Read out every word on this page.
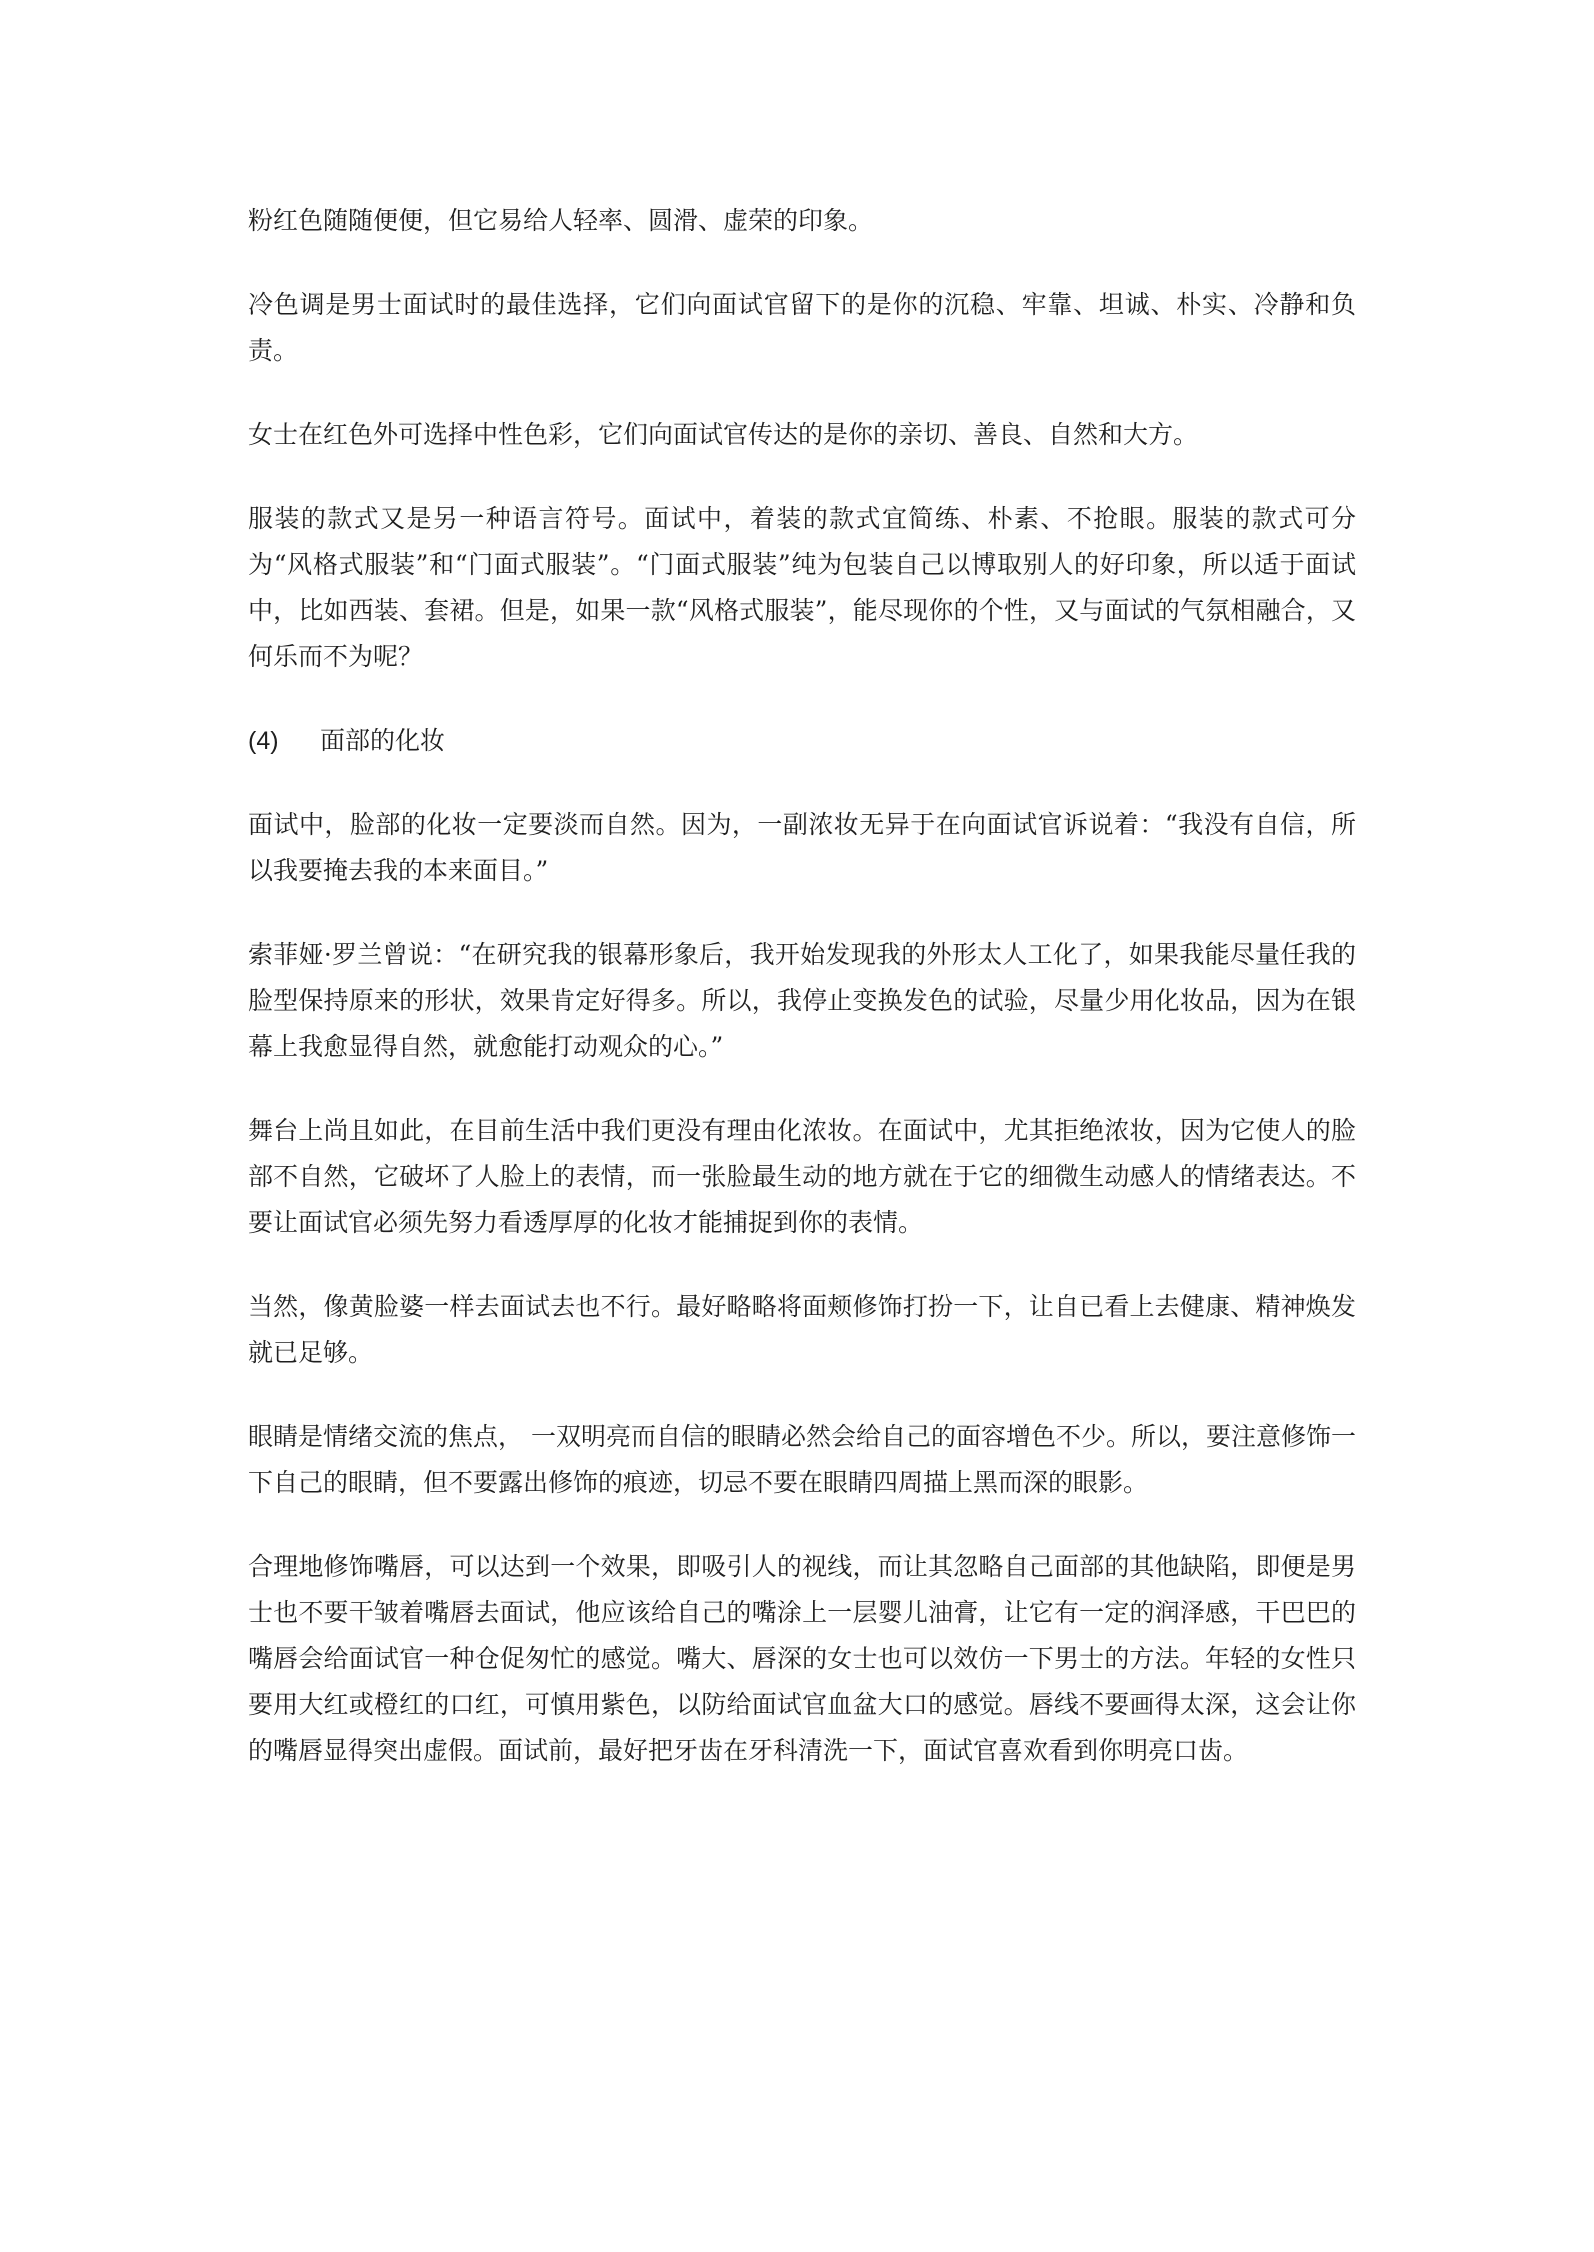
粉红色随随便便，但它易给人轻率、圆滑、虚荣的印象。

冷色调是男士面试时的最佳选择，它们向面试官留下的是你的沉稳、牢靠、坦诚、朴实、冷静和负责。

女士在红色外可选择中性色彩，它们向面试官传达的是你的亲切、善良、自然和大方。

服装的款式又是另一种语言符号。面试中，着装的款式宜简练、朴素、不抢眼。服装的款式可分为“风格式服装”和“门面式服装”。“门面式服装”纯为包装自己以博取别人的好印象，所以适于面试中，比如西装、套裙。但是，如果一款“风格式服装”，能尽现你的个性，又与面试的气氛相融合，又何乐而不为呢？

(4) 面部的化妆

面试中，脸部的化妆一定要淡而自然。因为，一副浓妆无异于在向面试官诉说着：“我没有自信，所以我要掩去我的本来面目。”

索菲娅·罗兰曾说：“在研究我的银幕形象后，我开始发现我的外形太人工化了，如果我能尽量任我的脸型保持原来的形状，效果肯定好得多。所以，我停止变换发色的试验，尽量少用化妆品，因为在银幕上我愈显得自然，就愈能打动观众的心。”

舞台上尚且如此，在目前生活中我们更没有理由化浓妆。在面试中，尤其拒绝浓妆，因为它使人的脸部不自然，它破坏了人脸上的表情，而一张脸最生动的地方就在于它的细微生动感人的情绪表达。不要让面试官必须先努力看透厚厚的化妆才能捕捉到你的表情。

当然，像黄脸婆一样去面试去也不行。最好略略将面颊修饰打扮一下，让自已看上去健康、精神焕发就已足够。

眼睛是情绪交流的焦点， 一双明亮而自信的眼睛必然会给自己的面容增色不少。所以，要注意修饰一下自己的眼睛，但不要露出修饰的痕迹，切忌不要在眼睛四周描上黑而深的眼影。

合理地修饰嘴唇，可以达到一个效果，即吸引人的视线，而让其忽略自己面部的其他缺陷，即便是男士也不要干皱着嘴唇去面试，他应该给自己的嘴涂上一层婴儿油膏，让它有一定的润泽感，干巴巴的嘴唇会给面试官一种仓促匆忙的感觉。嘴大、唇深的女士也可以效仿一下男士的方法。年轻的女性只要用大红或橙红的口红，可慎用紫色，以防给面试官血盆大口的感觉。唇线不要画得太深，这会让你的嘴唇显得突出虚假。面试前，最好把牙齿在牙科清洗一下，面试官喜欢看到你明亮口齿。
